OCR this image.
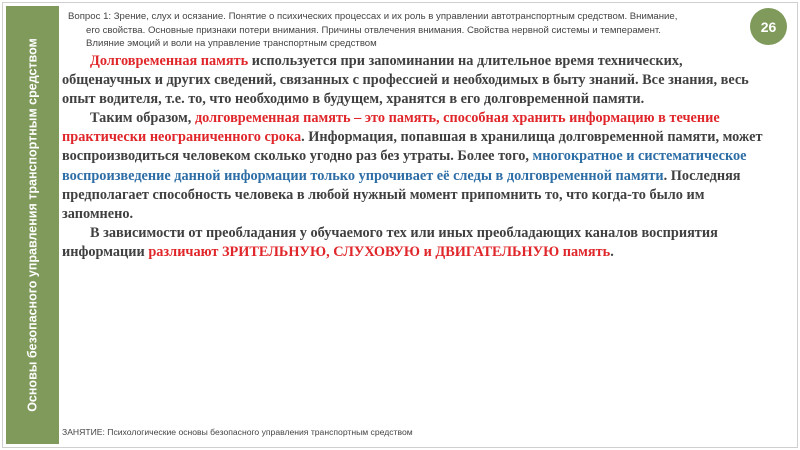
Основы безопасного управления транспортным средством
Вопрос 1: Зрение, слух и осязание. Понятие о психических процессах и их роль в управлении автотранспортным средством. Внимание,
его свойства. Основные признаки потери внимания. Причины отвлечения внимания. Свойства нервной системы и темперамент.
Влияние эмоций и воли на управление транспортным средством
26

Долговременная память используется при запоминании на длительное время технических, общенаучных и других сведений, связанных с профессией и необходимых в быту знаний. Все знания, весь опыт водителя, т.е. то, что необходимо в будущем, хранятся в его долговременной памяти.

Таким образом, долговременная память – это память, способная хранить информацию в течение практически неограниченного срока. Информация, попавшая в хранилища долговременной памяти, может воспроизводиться человеком сколько угодно раз без утраты. Более того, многократное и систематическое воспроизведение данной информации только упрочивает её следы в долговременной памяти. Последняя предполагает способность человека в любой нужный момент припомнить то, что когда-то было им запомнено.

В зависимости от преобладания у обучаемого тех или иных преобладающих каналов восприятия информации различают ЗРИТЕЛЬНУЮ, СЛУХОВУЮ и ДВИГАТЕЛЬНУЮ память.

ЗАНЯТИЕ: Психологические основы безопасного управления транспортным средством
